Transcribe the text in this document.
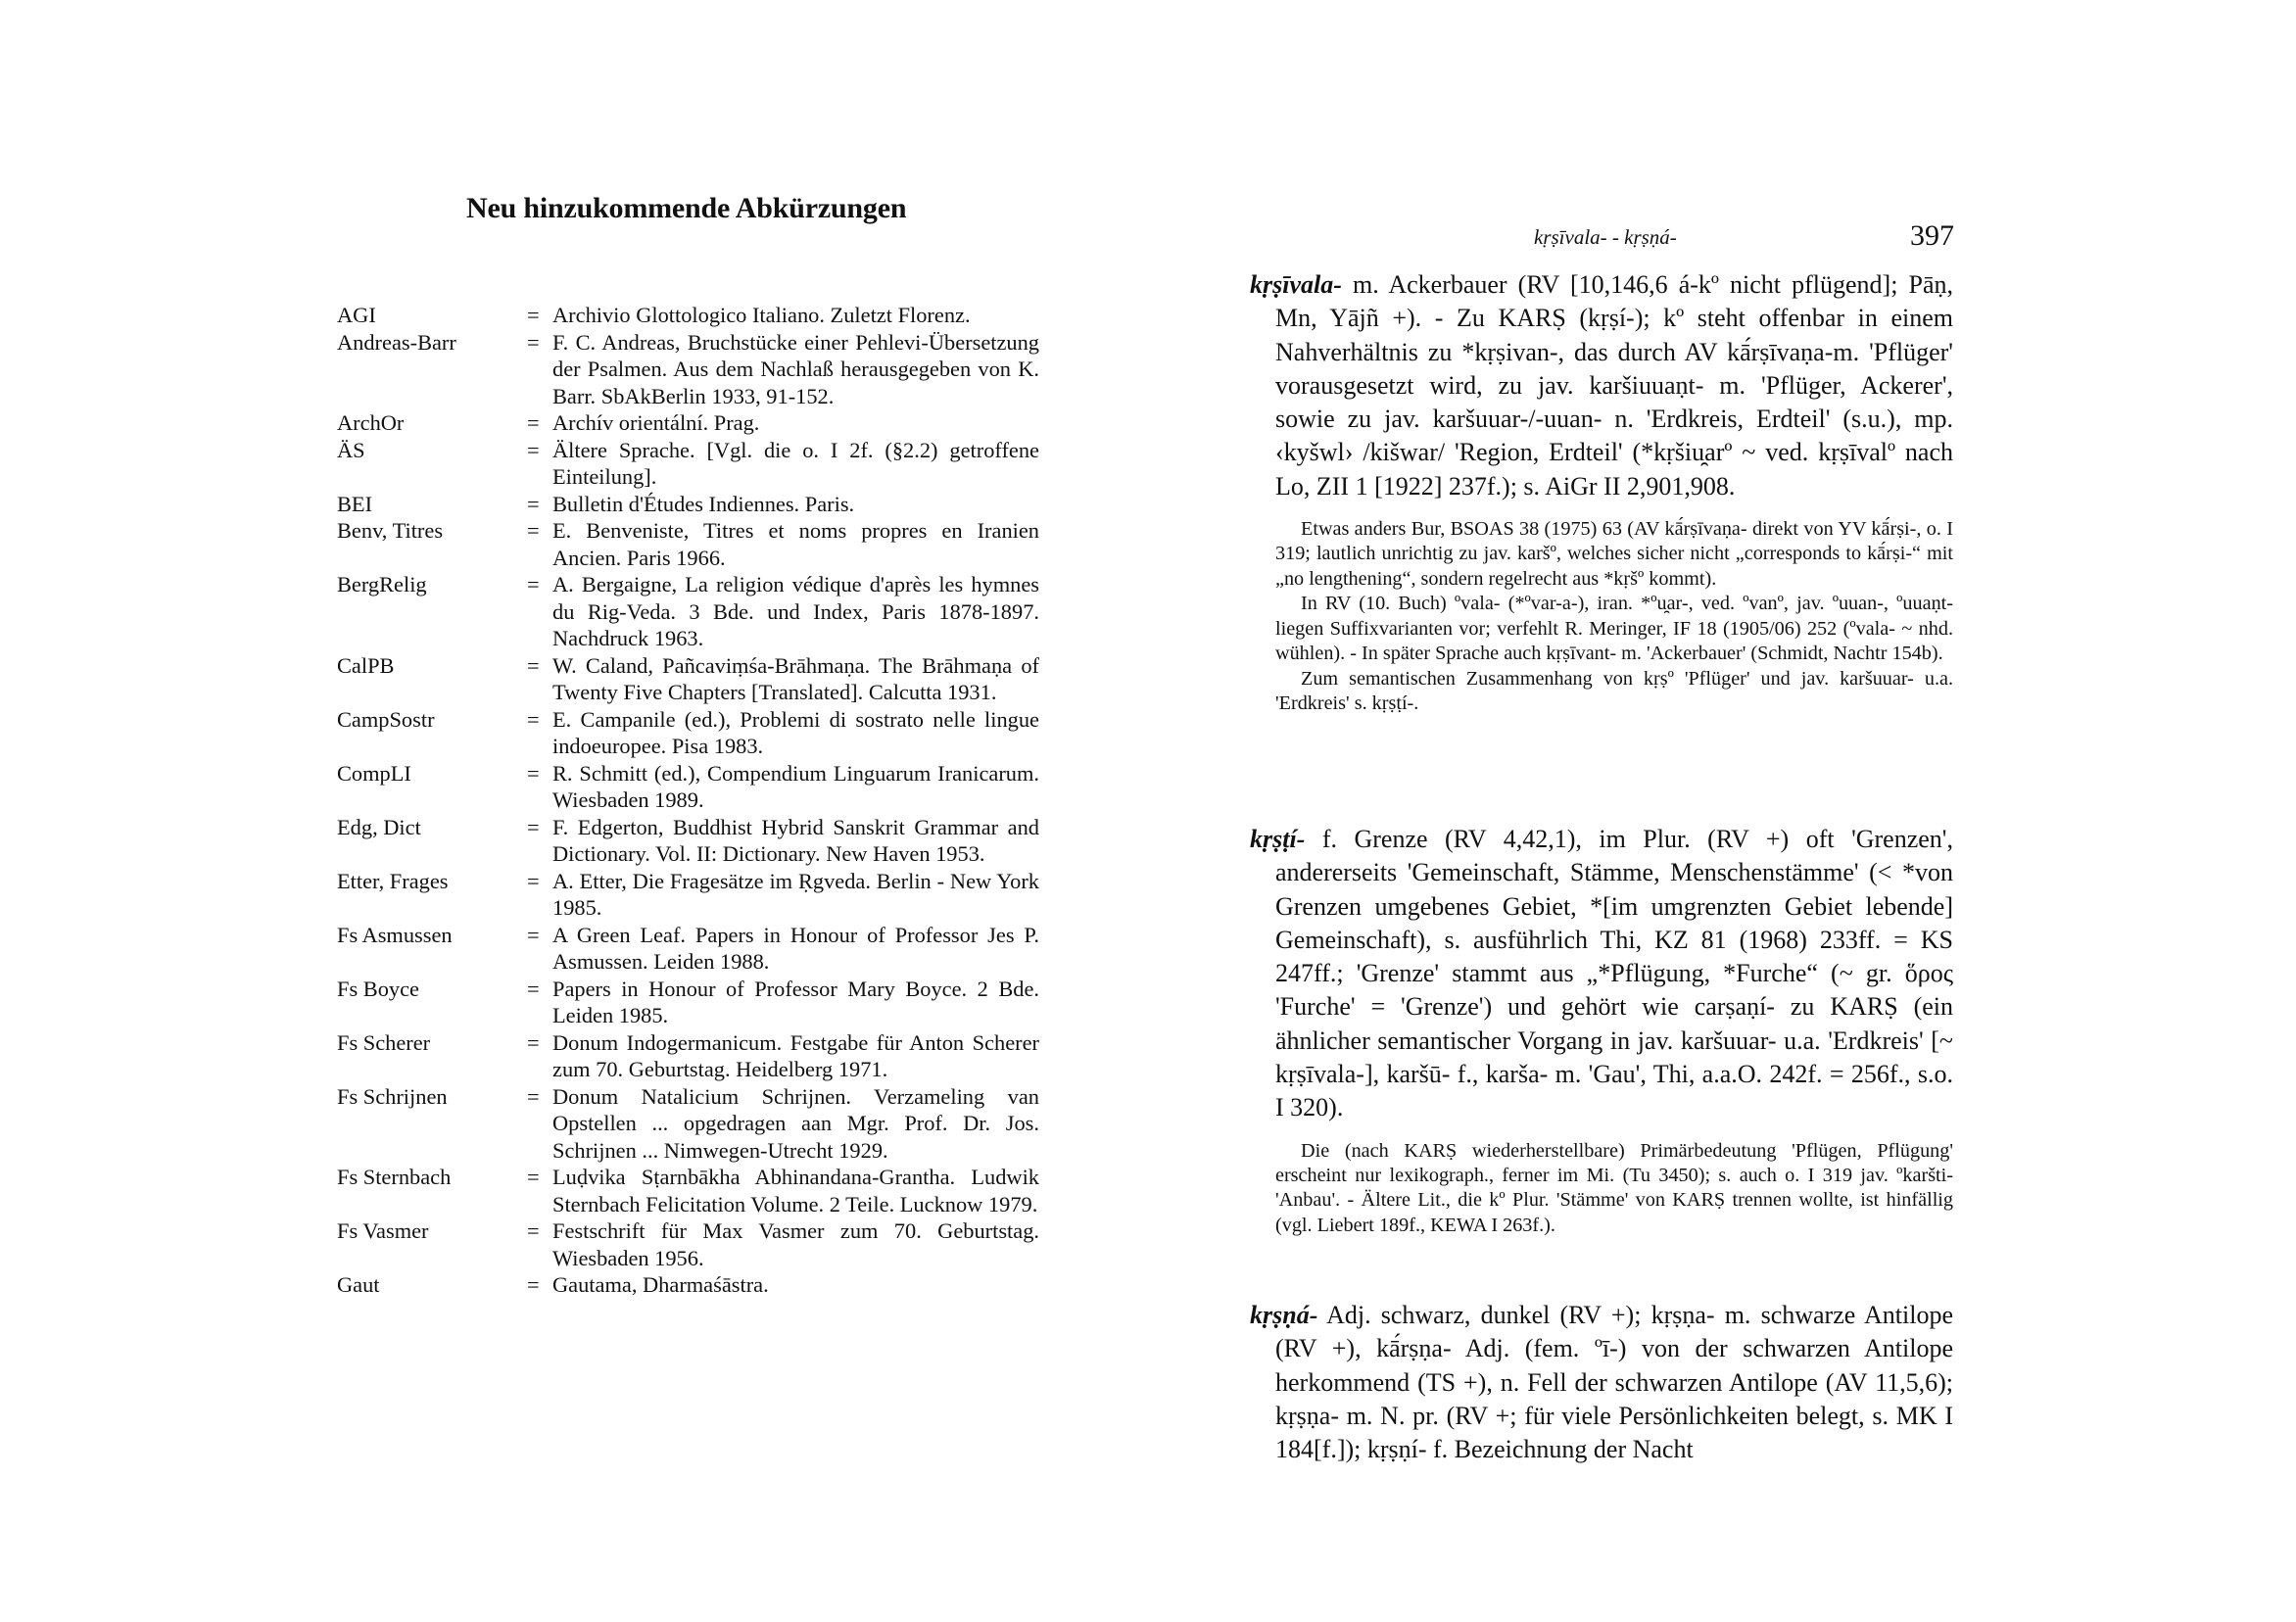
Neu hinzukommende Abkürzungen
AGI	= Archivio Glottologico Italiano. Zuletzt Florenz.
Andreas-Barr	= F. C. Andreas, Bruchstücke einer Pehlevi-Übersetzung der Psalmen. Aus dem Nachlaß herausgegeben von K. Barr. SbAkBerlin 1933, 91-152.
ArchOr	= Archív orientální. Prag.
ÄS	= Ältere Sprache. [Vgl. die o. I 2f. (§2.2) getroffene Einteilung].
BEI	= Bulletin d'Études Indiennes. Paris.
Benv, Titres	= E. Benveniste, Titres et noms propres en Iranien Ancien. Paris 1966.
BergRelig	= A. Bergaigne, La religion védique d'après les hymnes du Rig-Veda. 3 Bde. und Index, Paris 1878-1897. Nachdruck 1963.
CalPB	= W. Caland, Pañcaviṃśa-Brāhmaṇa. The Brāhmaṇa of Twenty Five Chapters [Translated]. Calcutta 1931.
CampSostr	= E. Campanile (ed.), Problemi di sostrato nelle lingue indoeuropee. Pisa 1983.
CompLI	= R. Schmitt (ed.), Compendium Linguarum Iranicarum. Wiesbaden 1989.
Edg, Dict	= F. Edgerton, Buddhist Hybrid Sanskrit Grammar and Dictionary. Vol. II: Dictionary. New Haven 1953.
Etter, Frages	= A. Etter, Die Fragesätze im Ṛgveda. Berlin - New York 1985.
Fs Asmussen	= A Green Leaf. Papers in Honour of Professor Jes P. Asmussen. Leiden 1988.
Fs Boyce	= Papers in Honour of Professor Mary Boyce. 2 Bde. Leiden 1985.
Fs Scherer	= Donum Indogermanicum. Festgabe für Anton Scherer zum 70. Geburtstag. Heidelberg 1971.
Fs Schrijnen	= Donum Natalicium Schrijnen. Verzameling van Opstellen ... opgedragen aan Mgr. Prof. Dr. Jos. Schrijnen ... Nimwegen-Utrecht 1929.
Fs Sternbach	= Luḍvika Sṭarnbākha Abhinandana-Grantha. Ludwik Sternbach Felicitation Volume. 2 Teile. Lucknow 1979.
Fs Vasmer	= Festschrift für Max Vasmer zum 70. Geburtstag. Wiesbaden 1956.
Gaut	= Gautama, Dharmaśāstra.
kṛṣīvala- - kṛṣṇá-	397
kṛṣīvala- m. Ackerbauer (RV [10,146,6 á-kº nicht pflügend]; Pāṇ, Mn, Yājñ +). - Zu KARṢ (kṛṣí-); kº steht offenbar in einem Nahverhältnis zu *kṛṣivan-, das durch AV kā́rṣīvaṇa-m. 'Pflüger' vorausgesetzt wird, zu jav. karšiuuaṇt- m. 'Pflüger, Ackerer', sowie zu jav. karšuuar-/-uuan- n. 'Erdkreis, Erdteil' (s.u.), mp. ‹kyšwl› /kišwar/ 'Region, Erdteil' (*kṛšiu̯arº ~ ved. kṛṣīvalº nach Lo, ZII 1 [1922] 237f.); s. AiGr II 2,901,908.

Etwas anders Bur, BSOAS 38 (1975) 63 (AV kā́rṣīvaṇa- direkt von YV kā́rṣi-, o. I 319; lautlich unrichtig zu jav. karšº, welches sicher nicht „corresponds to kā́rṣi-“ mit „no lengthening“, sondern regelrecht aus *kṛšº kommt).

In RV (10. Buch) ºvala- (*ºvar-a-), iran. *ºu̯ar-, ved. ºvanº, jav. ºuuan-, ºuuaṇt- liegen Suffixvarianten vor; verfehlt R. Meringer, IF 18 (1905/06) 252 (ºvala- ~ nhd. wühlen). - In später Sprache auch kṛṣīvant- m. 'Ackerbauer' (Schmidt, Nachtr 154b).

Zum semantischen Zusammenhang von kṛṣº 'Pflüger' und jav. karšuuar- u.a. 'Erdkreis' s. kṛṣṭí-.

kṛṣṭí- f. Grenze (RV 4,42,1), im Plur. (RV +) oft 'Grenzen', andererseits 'Gemeinschaft, Stämme, Menschenstämme' (< *von Grenzen umgebenes Gebiet, *[im umgrenzten Gebiet lebende] Gemeinschaft), s. ausführlich Thi, KZ 81 (1968) 233ff. = KS 247ff.; 'Grenze' stammt aus „*Pflügung, *Furche“ (~ gr. ὅρος 'Furche' = 'Grenze') und gehört wie carṣaṇí- zu KARṢ (ein ähnlicher semantischer Vorgang in jav. karšuuar- u.a. 'Erdkreis' [~ kṛṣīvala-], karšū- f., karša- m. 'Gau', Thi, a.a.O. 242f. = 256f., s.o. I 320).

Die (nach KARṢ wiederherstellbare) Primärbedeutung 'Pflügen, Pflügung' erscheint nur lexikograph., ferner im Mi. (Tu 3450); s. auch o. I 319 jav. ºkaršti- 'Anbau'. - Ältere Lit., die kº Plur. 'Stämme' von KARṢ trennen wollte, ist hinfällig (vgl. Liebert 189f., KEWA I 263f.).

kṛṣṇá- Adj. schwarz, dunkel (RV +); kṛṣṇa- m. schwarze Antilope (RV +), kā́rṣṇa- Adj. (fem. ºī-) von der schwarzen Antilope herkommend (TS +), n. Fell der schwarzen Antilope (AV 11,5,6); kṛṣṇa- m. N. pr. (RV +; für viele Persönlichkeiten belegt, s. MK I 184[f.]); kṛṣṇí- f. Bezeichnung der Nacht
